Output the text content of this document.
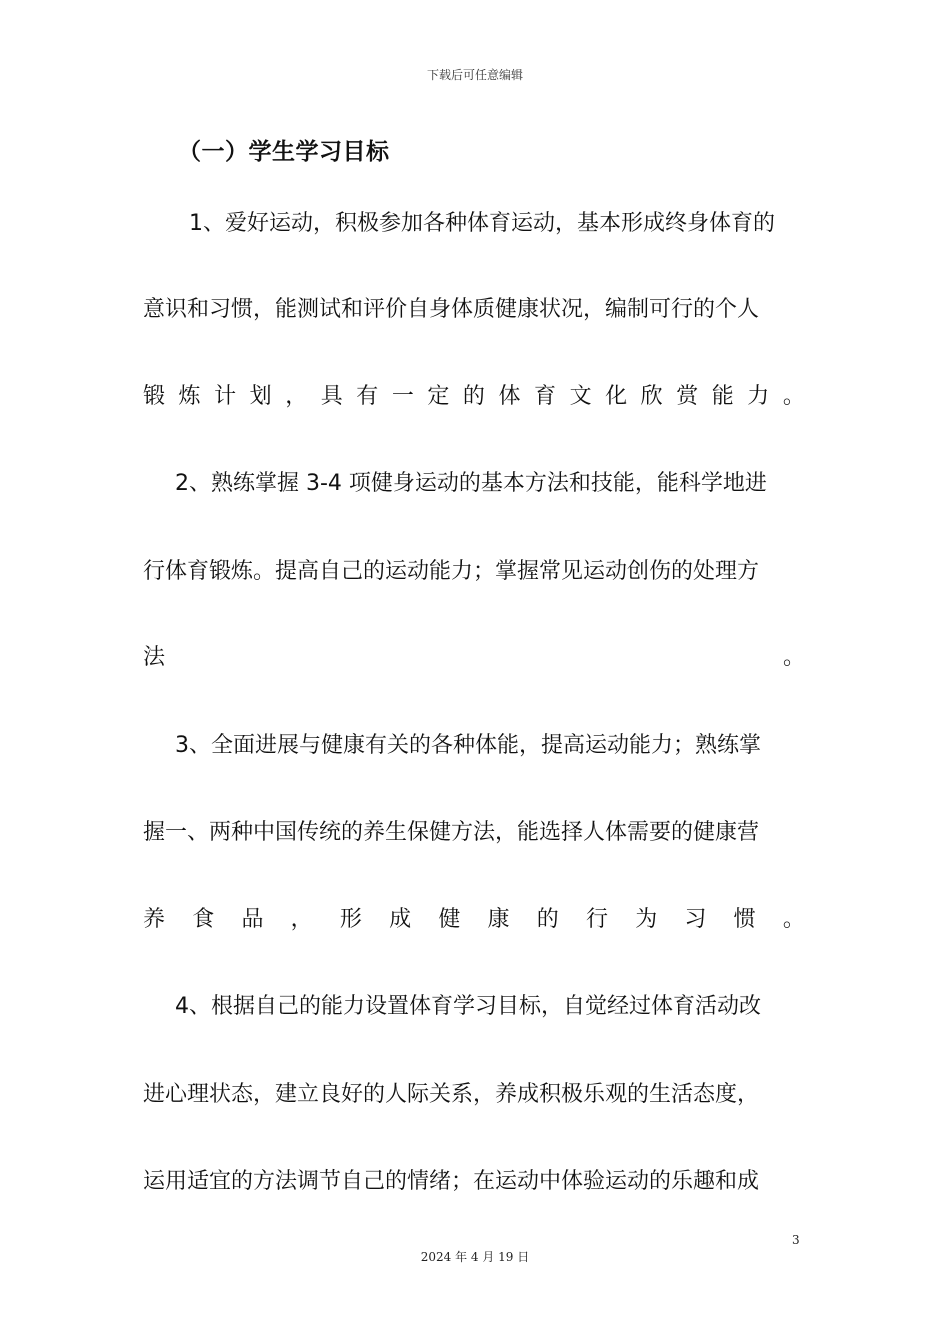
下载后可任意编辑
（一）学生学习目标
1、爱好运动，积极参加各种体育运动，基本形成终身体育的
意识和习惯，能测试和评价自身体质健康状况，编制可行的个人
锻 炼 计 划 ， 具 有 一 定 的 体 育 文 化 欣 赏 能 力 。
2、熟练掌握 3-4 项健身运动的基本方法和技能，能科学地进
行体育锻炼。提高自己的运动能力；掌握常见运动创伤的处理方
法	。
3、全面进展与健康有关的各种体能，提高运动能力；熟练掌
握一、两种中国传统的养生保健方法，能选择人体需要的健康营
养 食 品 ， 形 成 健 康 的 行 为 习 惯 。
4、根据自己的能力设置体育学习目标，自觉经过体育活动改
进心理状态，建立良好的人际关系，养成积极乐观的生活态度，
运用适宜的方法调节自己的情绪；在运动中体验运动的乐趣和成
3
2024 年 4 月 19 日
